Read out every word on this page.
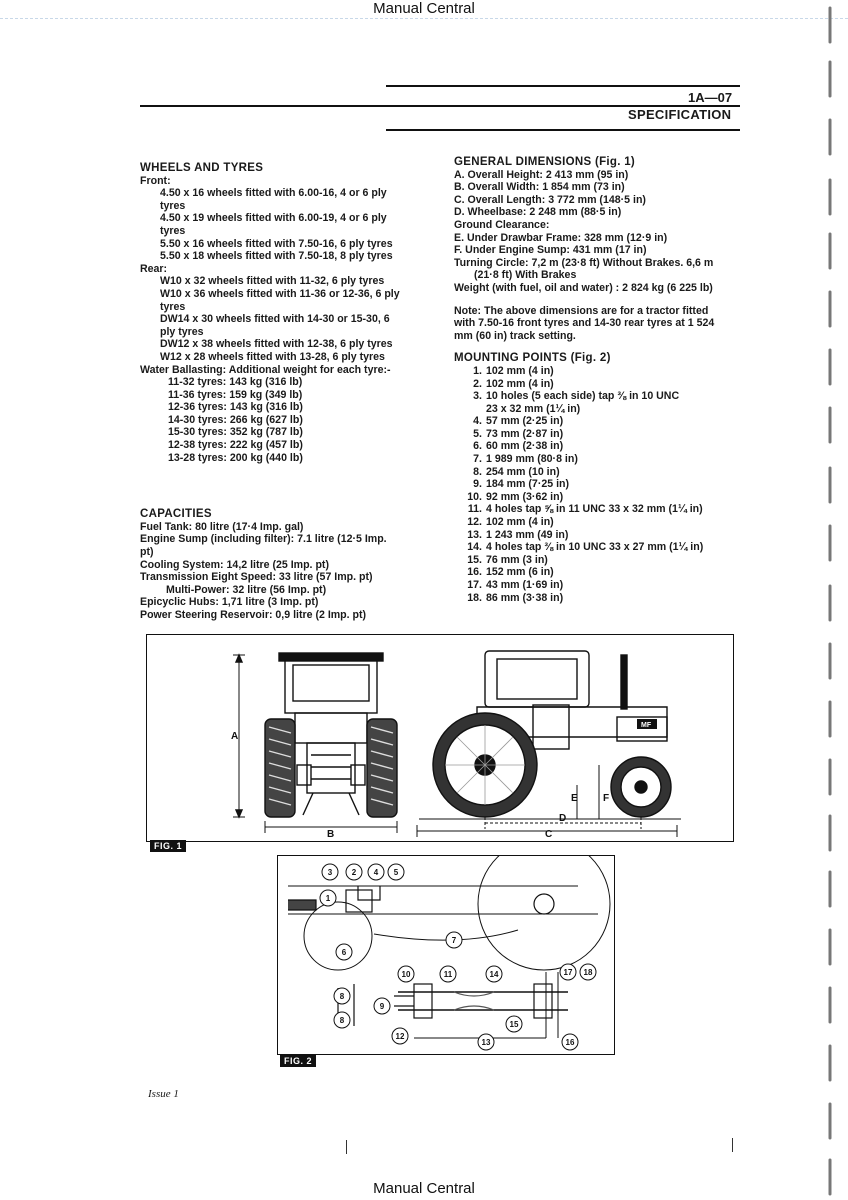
Manual Central
1A—07
SPECIFICATION
WHEELS AND TYRES
Front:
4.50 x 16 wheels fitted with 6.00-16, 4 or 6 ply
tyres
4.50 x 19 wheels fitted with 6.00-19, 4 or 6 ply
tyres
5.50 x 16 wheels fitted with 7.50-16, 6 ply tyres
5.50 x 18 wheels fitted with 7.50-18, 8 ply tyres
Rear:
W10 x 32 wheels fitted with 11-32, 6 ply tyres
W10 x 36 wheels fitted with 11-36 or 12-36, 6 ply
tyres
DW14 x 30 wheels fitted with 14-30 or 15-30, 6
ply tyres
DW12 x 38 wheels fitted with 12-38, 6 ply tyres
W12 x 28 wheels fitted with 13-28, 6 ply tyres
Water Ballasting: Additional weight for each tyre:-
11-32 tyres: 143 kg (316 lb)
11-36 tyres: 159 kg (349 lb)
12-36 tyres: 143 kg (316 lb)
14-30 tyres: 266 kg (627 lb)
15-30 tyres: 352 kg (787 lb)
12-38 tyres: 222 kg (457 lb)
13-28 tyres: 200 kg (440 lb)
CAPACITIES
Fuel Tank: 80 litre (17·4 Imp. gal)
Engine Sump (including filter): 7.1 litre (12·5 Imp.
pt)
Cooling System: 14,2 litre (25 Imp. pt)
Transmission Eight Speed: 33 litre (57 Imp. pt)
Multi-Power: 32 litre (56 Imp. pt)
Epicyclic Hubs: 1,71 litre (3 Imp. pt)
Power Steering Reservoir: 0,9 litre (2 Imp. pt)
GENERAL DIMENSIONS (Fig. 1)
A. Overall Height: 2 413 mm (95 in)
B. Overall Width: 1 854 mm (73 in)
C. Overall Length: 3 772 mm (148·5 in)
D. Wheelbase: 2 248 mm (88·5 in)
Ground Clearance:
E. Under Drawbar Frame: 328 mm (12·9 in)
F. Under Engine Sump: 431 mm (17 in)
Turning Circle: 7,2 m (23·8 ft) Without Brakes. 6,6 m
(21·8 ft) With Brakes
Weight (with fuel, oil and water) : 2 824 kg (6 225 lb)
Note: The above dimensions are for a tractor fitted
with 7.50-16 front tyres and 14-30 rear tyres at 1 524
mm (60 in) track setting.
MOUNTING POINTS (Fig. 2)
1. 102 mm (4 in)
2. 102 mm (4 in)
3. 10 holes (5 each side) tap ⅜ in 10 UNC
23 x 32 mm (1¼ in)
4. 57 mm (2·25 in)
5. 73 mm (2·87 in)
6. 60 mm (2·38 in)
7. 1 989 mm (80·8 in)
8. 254 mm (10 in)
9. 184 mm (7·25 in)
10. 92 mm (3·62 in)
11. 4 holes tap ⅝ in 11 UNC 33 x 32 mm (1¼ in)
12. 102 mm (4 in)
13. 1 243 mm (49 in)
14. 4 holes tap ⅜ in 10 UNC 33 x 27 mm (1¼ in)
15. 76 mm (3 in)
16. 152 mm (6 in)
17. 43 mm (1·69 in)
18. 86 mm (3·38 in)
MF
A
B	C
D
E	F
FIG. 1
1
2
3	4 5
6
7
8
8
9
10	11
12
13
14
15
16
17 18
FIG. 2
Issue 1
Manual Central
